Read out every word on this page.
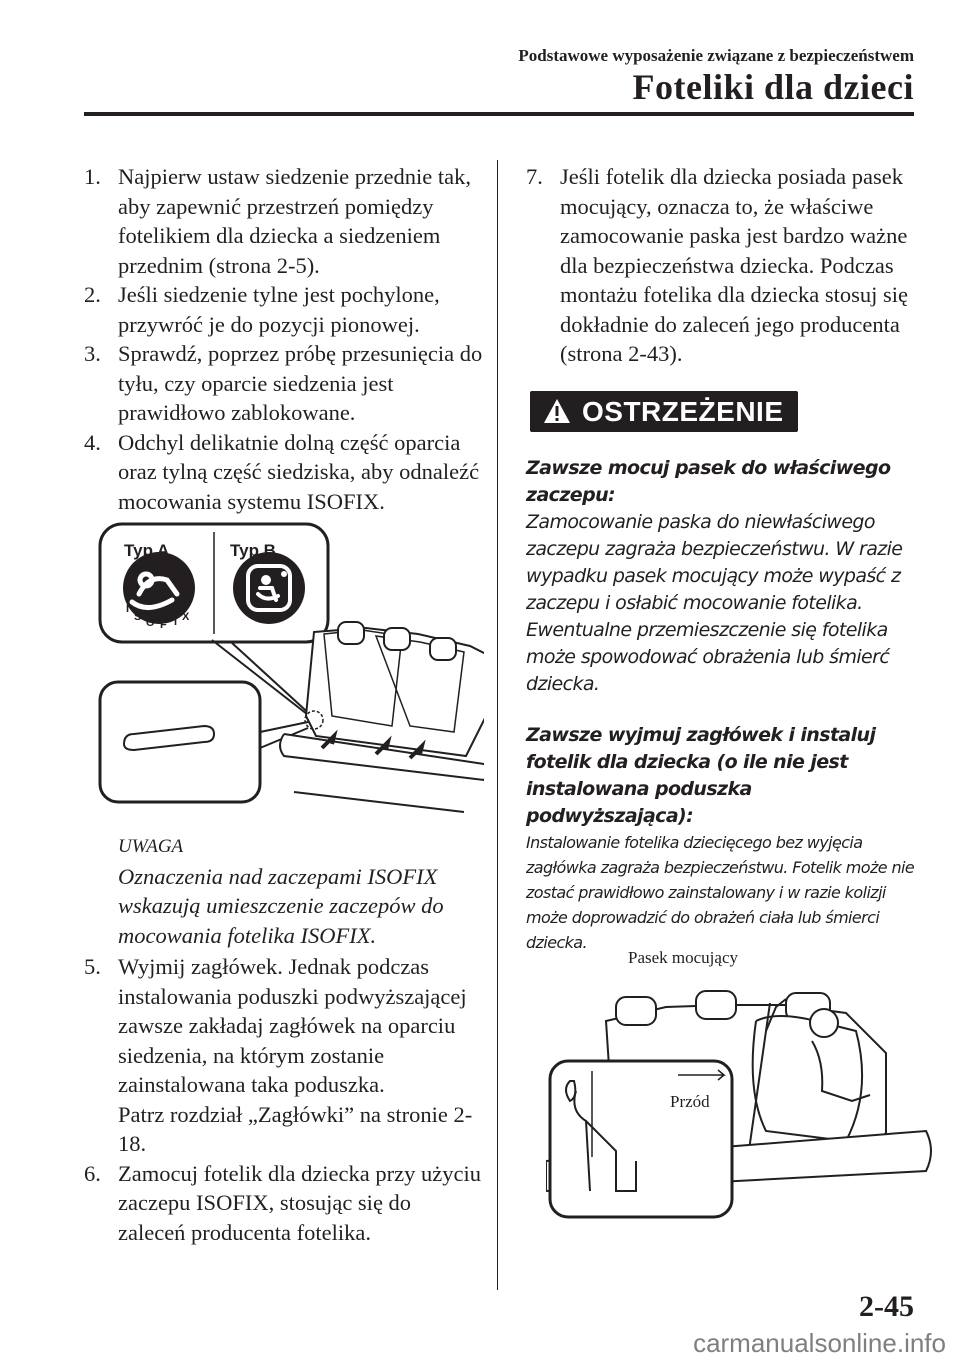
Podstawowe wyposażenie związane z bezpieczeństwem
Foteliki dla dzieci
1. Najpierw ustaw siedzenie przednie tak, aby zapewnić przestrzeń pomiędzy fotelikiem dla dziecka a siedzeniem przednim (strona 2-5).
2. Jeśli siedzenie tylne jest pochylone, przywróć je do pozycji pionowej.
3. Sprawdź, poprzez próbę przesunięcia do tyłu, czy oparcie siedzenia jest prawidłowo zablokowane.
4. Odchyl delikatnie dolną część oparcia oraz tylną część siedziska, aby odnaleźć mocowania systemu ISOFIX.
I
S O F I X
Typ A	Typ B
UWAGA
Oznaczenia nad zaczepami ISOFIX wskazują umieszczenie zaczepów do mocowania fotelika ISOFIX.
5. Wyjmij zagłówek. Jednak podczas instalowania poduszki podwyższającej zawsze zakładaj zagłówek na oparciu siedzenia, na którym zostanie zainstalowana taka poduszka.
Patrz rozdział „Zagłówki” na stronie 2-18.
6. Zamocuj fotelik dla dziecka przy użyciu zaczepu ISOFIX, stosując się do zaleceń producenta fotelika.
7. Jeśli fotelik dla dziecka posiada pasek mocujący, oznacza to, że właściwe zamocowanie paska jest bardzo ważne dla bezpieczeństwa dziecka. Podczas montażu fotelika dla dziecka stosuj się dokładnie do zaleceń jego producenta (strona 2-43).
OSTRZEŻENIE
Zawsze mocuj pasek do właściwego zaczepu:
Zamocowanie paska do niewłaściwego zaczepu zagraża bezpieczeństwu. W razie wypadku pasek mocujący może wypaść z zaczepu i osłabić mocowanie fotelika. Ewentualne przemieszczenie się fotelika może spowodować obrażenia lub śmierć dziecka.
Zawsze wyjmuj zagłówek i instaluj fotelik dla dziecka (o ile nie jest instalowana poduszka podwyższająca):
Instalowanie fotelika dziecięcego bez wyjęcia zagłówka zagraża bezpieczeństwu. Fotelik może nie zostać prawidłowo zainstalowany i w razie kolizji może doprowadzić do obrażeń ciała lub śmierci dziecka.
Pasek mocujący
Przód
2-45
carmanualsonline.info
